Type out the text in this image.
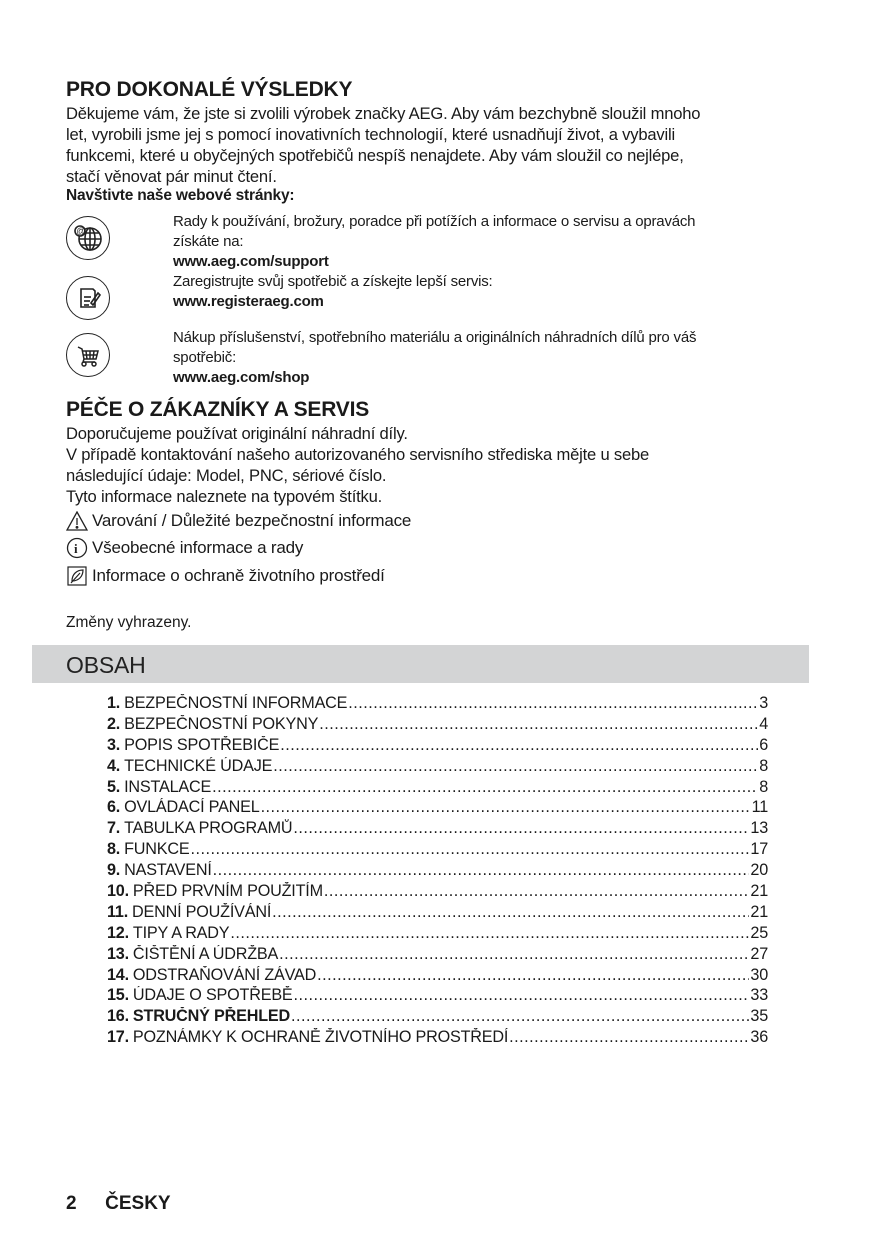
PRO DOKONALÉ VÝSLEDKY
Děkujeme vám, že jste si zvolili výrobek značky AEG. Aby vám bezchybně sloužil mnoho
let, vyrobili jsme jej s pomocí inovativních technologií, které usnadňují život, a vybavili
funkcemi, které u obyčejných spotřebičů nespíš nenajdete. Aby vám sloužil co nejlépe,
stačí věnovat pár minut čtení.
Navštivte naše webové stránky:
@
Rady k používání, brožury, poradce při potížích a informace o servisu a opravách
získáte na:
www.aeg.com/support
Zaregistrujte svůj spotřebič a získejte lepší servis:
www.registeraeg.com
Nákup příslušenství, spotřebního materiálu a originálních náhradních dílů pro váš
spotřebič:
www.aeg.com/shop
PÉČE O ZÁKAZNÍKY A SERVIS
Doporučujeme používat originální náhradní díly.
V případě kontaktování našeho autorizovaného servisního střediska mějte u sebe
následující údaje: Model, PNC, sériové číslo.
Tyto informace naleznete na typovém štítku.
Varování / Důležité bezpečnostní informace
i Všeobecné informace a rady
Informace o ochraně životního prostředí
Změny vyhrazeny.
OBSAH
1. BEZPEČNOSTNÍ INFORMACE .....	3
2. BEZPEČNOSTNÍ POKYNY .....	4
3. POPIS SPOTŘEBIČE .....	6
4. TECHNICKÉ ÚDAJE .....	8
5. INSTALACE .....	8
6. OVLÁDACÍ PANEL .....	11
7. TABULKA PROGRAMŮ .....	13
8. FUNKCE .....	17
9. NASTAVENÍ .....	20
10. PŘED PRVNÍM POUŽITÍM .....	21
11. DENNÍ POUŽÍVÁNÍ .....	21
12. TIPY A RADY .....	25
13. ČIŠTĚNÍ A ÚDRŽBA .....	27
14. ODSTRAŇOVÁNÍ ZÁVAD .....	30
15. ÚDAJE O SPOTŘEBĚ .....	33
16. STRUČNÝ PŘEHLED .....	35
17. POZNÁMKY K OCHRANĚ ŽIVOTNÍHO PROSTŘEDÍ .....	36
2 ČESKY
